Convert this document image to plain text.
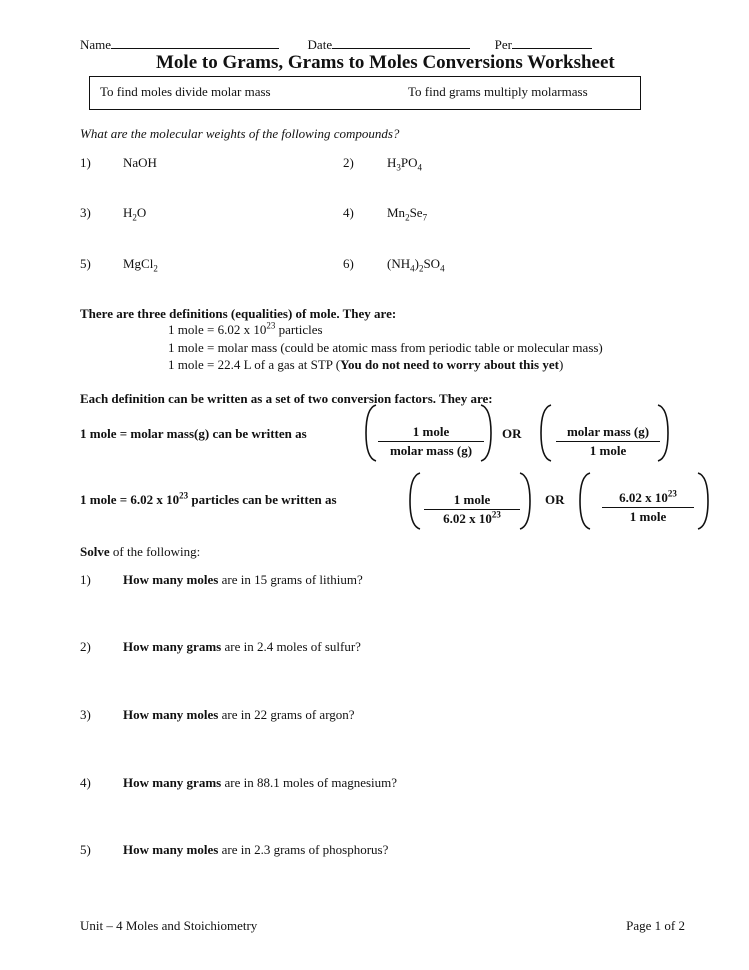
Name	Date	Per
Mole to Grams, Grams to Moles Conversions Worksheet
To find moles divide molar mass	To find grams multiply molarmass
What are the molecular weights of the following compounds?
1) NaOH	2)	$H_3PO_4$
3) $H_2O$	4)	$Mn_2Se_7$
5) MgCl$_2$	6)	$(NH_4)_2SO_4$
There are three definitions (equalities) of mole. They are:
1 mole = 6.02 x $10^{23}$ particles
1 mole = molar mass (could be atomic mass from periodic table or molecular mass)
1 mole = 22.4 L of a gas at STP (You do not need to worry about this yet)
Each definition can be written as a set of two conversion factors. They are:
1 mole = molar mass(g) can be written as	1 mole
molar mass (g)
OR	molar mass (g)
1 mole
1 mole = 6.02 x $10^{23}$ particles can be written as	1 mole
6.02 x $10^{23}$
OR	6.02 x $10^{23}$
1 mole
Solve of the following:
1) How many moles are in 15 grams of lithium?
2) How many grams are in 2.4 moles of sulfur?
3) How many moles are in 22 grams of argon?
4) How many grams are in 88.1 moles of magnesium?
5) How many moles are in 2.3 grams of phosphorus?
Unit – 4 Moles and Stoichiometry	Page 1 of 2
